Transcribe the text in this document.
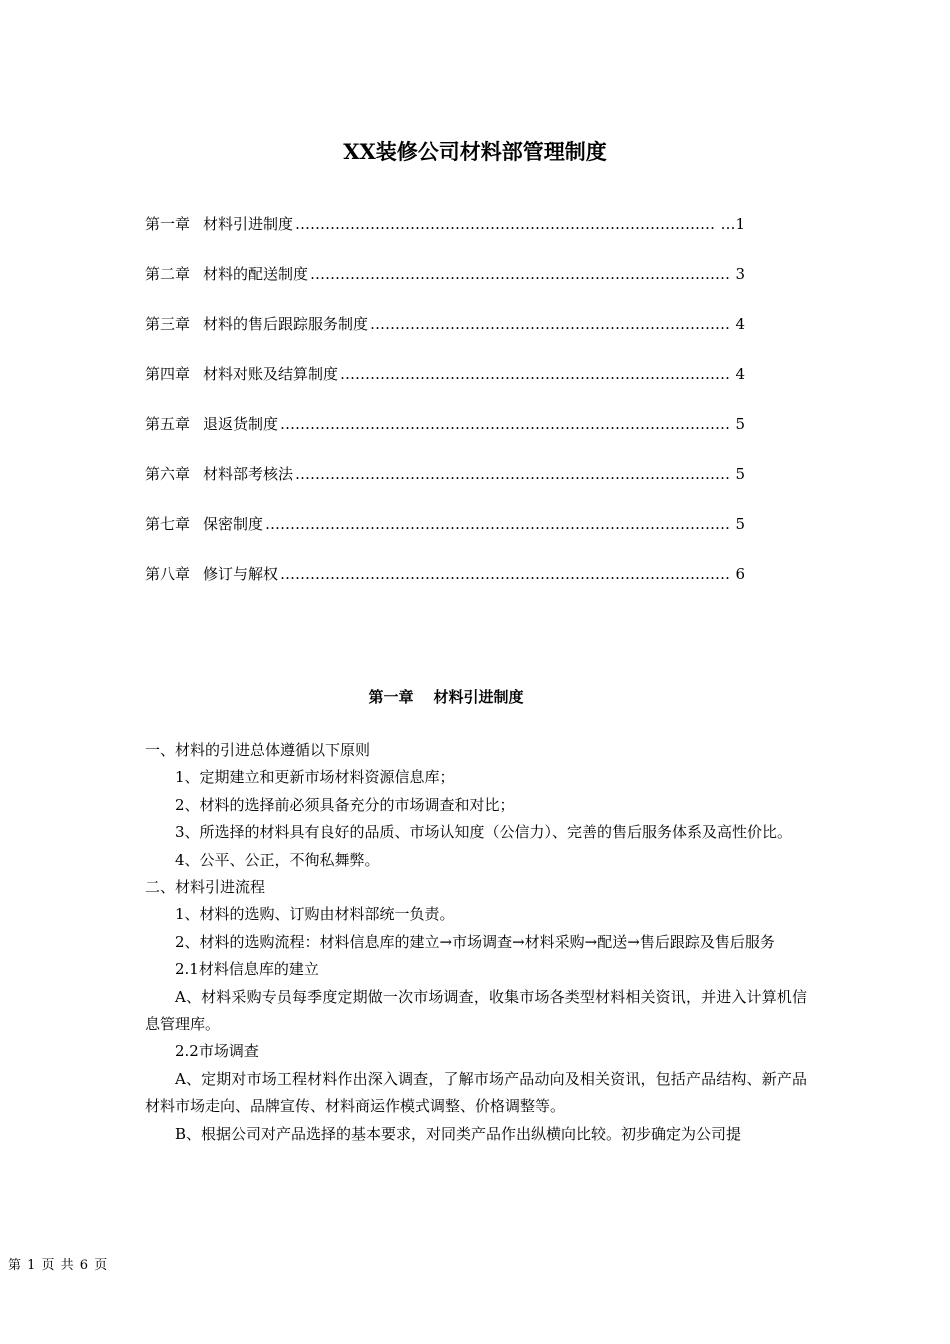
XX装修公司材料部管理制度
第一章 材料引进制度 ……………………………………………………………………………………………………………………………………	…1
第二章 材料的配送制度 ……………………………………………………………………………………………………………………………………	3
第三章 材料的售后跟踪服务制度 ……………………………………………………………………………………………………………………………………	4
第四章 材料对账及结算制度 ……………………………………………………………………………………………………………………………………	4
第五章 退返货制度 ……………………………………………………………………………………………………………………………………	5
第六章 材料部考核法 ……………………………………………………………………………………………………………………………………	5
第七章 保密制度 ……………………………………………………………………………………………………………………………………	5
第八章 修订与解权 ……………………………………………………………………………………………………………………………………	6
第一章 材料引进制度

一、材料的引进总体遵循以下原则

1、定期建立和更新市场材料资源信息库；

2、材料的选择前必须具备充分的市场调查和对比；

3、所选择的材料具有良好的品质、市场认知度（公信力）、完善的售后服务体系及高性价比。

4、公平、公正，不徇私舞弊。

二、材料引进流程

1、材料的选购、订购由材料部统一负责。

2、材料的选购流程：材料信息库的建立→市场调查→材料采购→配送→售后跟踪及售后服务

2.1材料信息库的建立

A、材料采购专员每季度定期做一次市场调查，收集市场各类型材料相关资讯，并进入计算机信息管理库。

2.2市场调查

A、定期对市场工程材料作出深入调查，了解市场产品动向及相关资讯，包括产品结构、新产品材料市场走向、品牌宣传、材料商运作模式调整、价格调整等。

B、根据公司对产品选择的基本要求，对同类产品作出纵横向比较。初步确定为公司提

第 1 页 共 6 页
